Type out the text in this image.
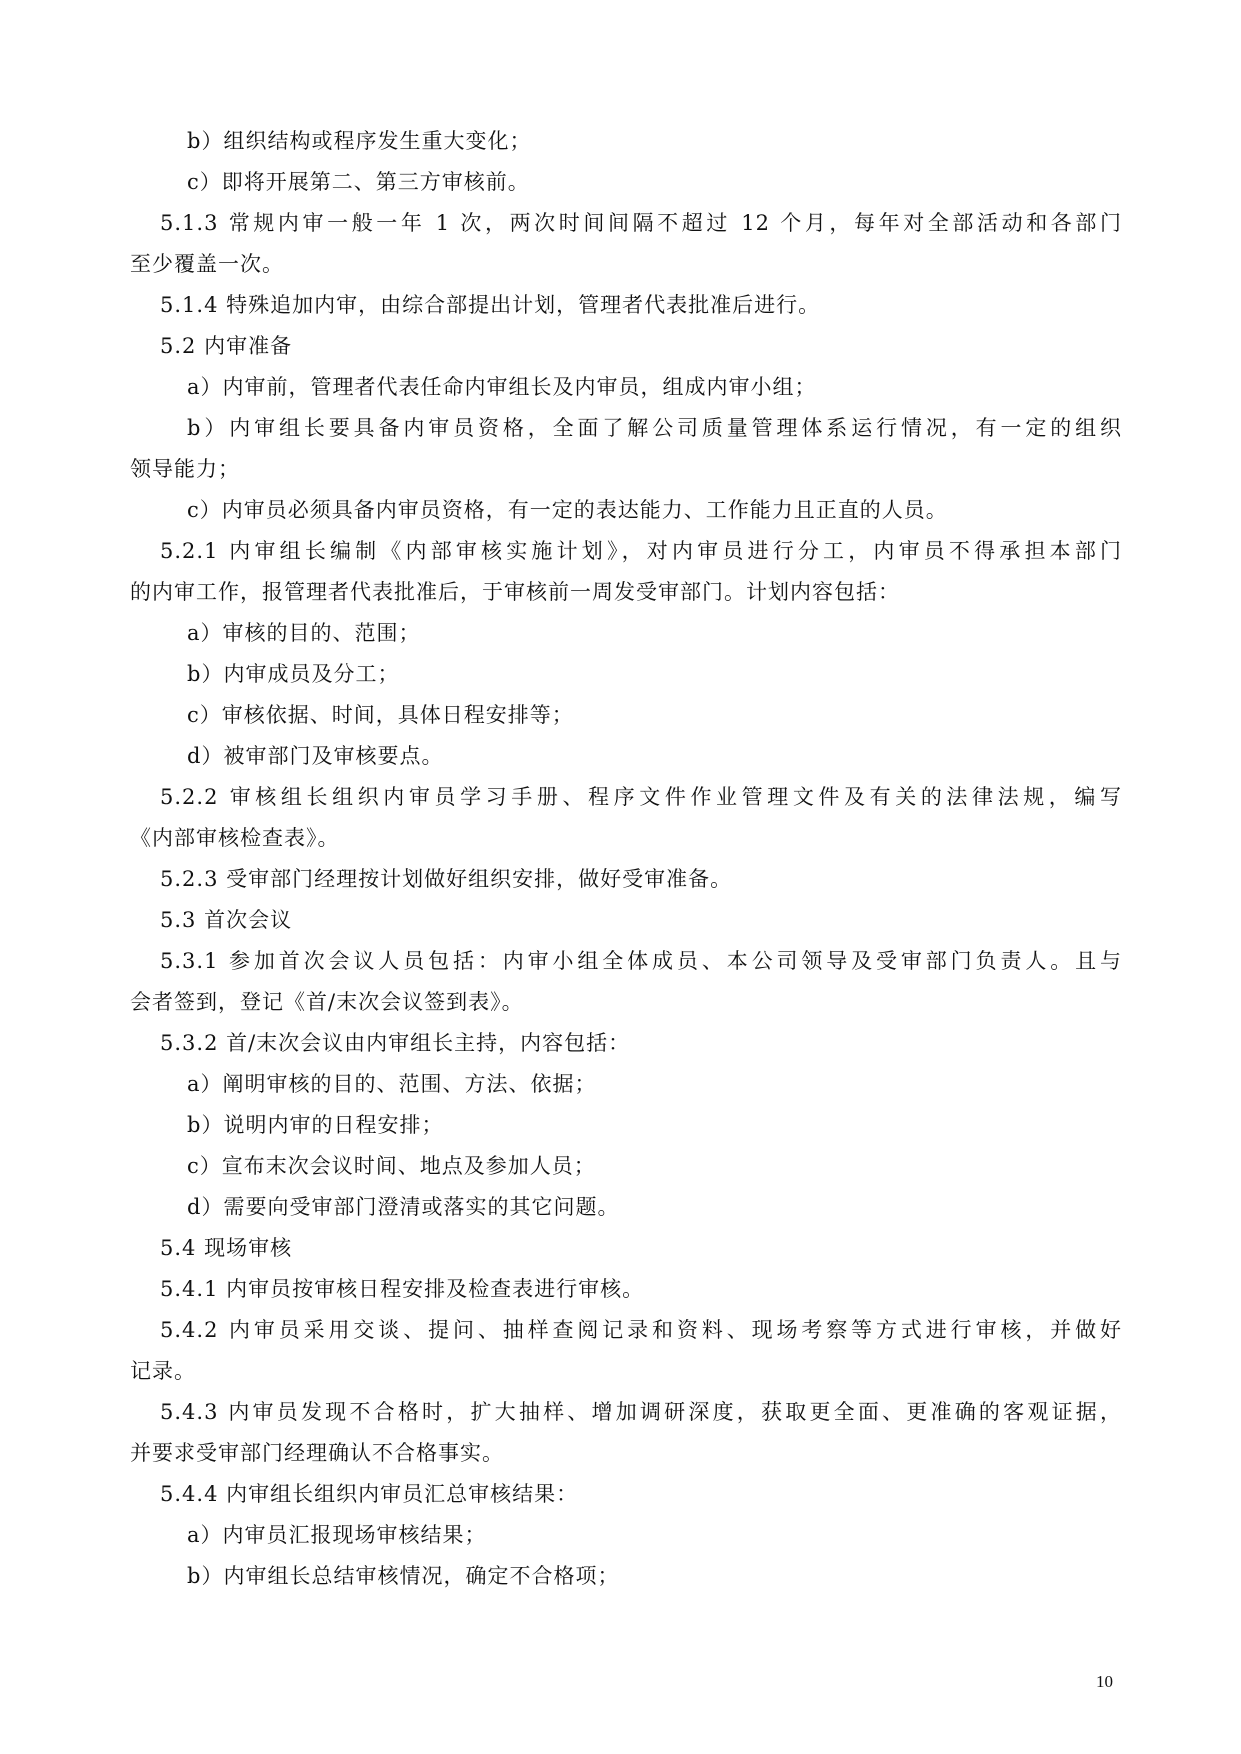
b）组织结构或程序发生重大变化；
c）即将开展第二、第三方审核前。
5.1.3 常规内审一般一年 1 次，两次时间间隔不超过 12 个月，每年对全部活动和各部门
至少覆盖一次。
5.1.4 特殊追加内审，由综合部提出计划，管理者代表批准后进行。
5.2 内审准备
a）内审前，管理者代表任命内审组长及内审员，组成内审小组；
b）内审组长要具备内审员资格，全面了解公司质量管理体系运行情况，有一定的组织
领导能力；
c）内审员必须具备内审员资格，有一定的表达能力、工作能力且正直的人员。
5.2.1 内审组长编制《内部审核实施计划》，对内审员进行分工，内审员不得承担本部门
的内审工作，报管理者代表批准后，于审核前一周发受审部门。计划内容包括：
a）审核的目的、范围；
b）内审成员及分工；
c）审核依据、时间，具体日程安排等；
d）被审部门及审核要点。
5.2.2 审核组长组织内审员学习手册、程序文件作业管理文件及有关的法律法规，编写
《内部审核检查表》。
5.2.3 受审部门经理按计划做好组织安排，做好受审准备。
5.3 首次会议
5.3.1 参加首次会议人员包括：内审小组全体成员、本公司领导及受审部门负责人。且与
会者签到，登记《首/末次会议签到表》。
5.3.2 首/末次会议由内审组长主持，内容包括：
a）阐明审核的目的、范围、方法、依据；
b）说明内审的日程安排；
c）宣布末次会议时间、地点及参加人员；
d）需要向受审部门澄清或落实的其它问题。
5.4 现场审核
5.4.1 内审员按审核日程安排及检查表进行审核。
5.4.2 内审员采用交谈、提问、抽样查阅记录和资料、现场考察等方式进行审核，并做好
记录。
5.4.3 内审员发现不合格时，扩大抽样、增加调研深度，获取更全面、更准确的客观证据，
并要求受审部门经理确认不合格事实。
5.4.4 内审组长组织内审员汇总审核结果：
a）内审员汇报现场审核结果；
b）内审组长总结审核情况，确定不合格项；
10
